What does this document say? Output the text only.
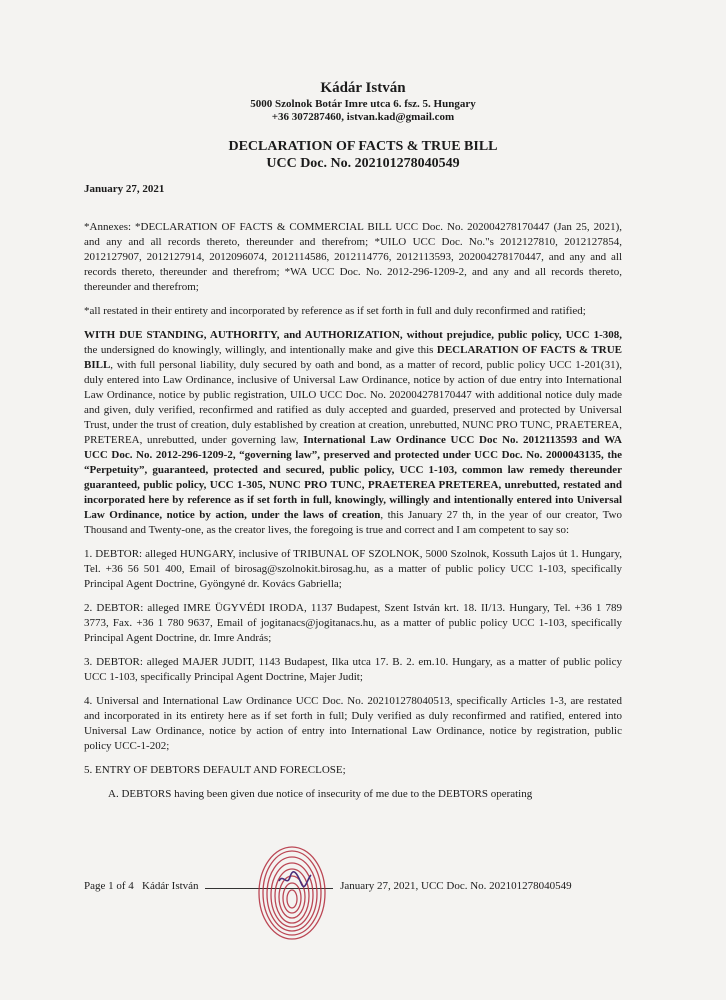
Kádár István
5000 Szolnok Botár Imre utca 6. fsz. 5. Hungary
+36 307287460, istvan.kad@gmail.com
DECLARATION OF FACTS & TRUE BILL
UCC Doc. No. 202101278040549
January 27, 2021

*Annexes: *DECLARATION OF FACTS & COMMERCIAL BILL UCC Doc. No. 202004278170447 (Jan 25, 2021), and any and all records thereto, thereunder and therefrom; *UILO UCC Doc. No."s 2012127810, 2012127854, 2012127907, 2012127914, 2012096074, 2012114586, 2012114776, 2012113593, 202004278170447, and any and all records thereto, thereunder and therefrom; *WA UCC Doc. No. 2012-296-1209-2, and any and all records thereto, thereunder and therefrom;

*all restated in their entirety and incorporated by reference as if set forth in full and duly reconfirmed and ratified;

WITH DUE STANDING, AUTHORITY, and AUTHORIZATION, without prejudice, public policy, UCC 1-308, the undersigned do knowingly, willingly, and intentionally make and give this DECLARATION OF FACTS & TRUE BILL, with full personal liability, duly secured by oath and bond, as a matter of record, public policy UCC 1-201(31), duly entered into Law Ordinance, inclusive of Universal Law Ordinance, notice by action of due entry into International Law Ordinance, notice by public registration, UILO UCC Doc. No. 202004278170447 with additional notice duly made and given, duly verified, reconfirmed and ratified as duly accepted and guarded, preserved and protected by Universal Trust, under the trust of creation, duly established by creation at creation, unrebutted, NUNC PRO TUNC, PRAETEREA, PRETEREA, unrebutted, under governing law, International Law Ordinance UCC Doc No. 2012113593 and WA UCC Doc. No. 2012-296-1209-2, “governing law”, preserved and protected under UCC Doc. No. 2000043135, the “Perpetuity”, guaranteed, protected and secured, public policy, UCC 1-103, common law remedy thereunder guaranteed, public policy, UCC 1-305, NUNC PRO TUNC, PRAETEREA PRETEREA, unrebutted, restated and incorporated here by reference as if set forth in full, knowingly, willingly and intentionally entered into Universal Law Ordinance, notice by action, under the laws of creation, this January 27 th, in the year of our creator, Two Thousand and Twenty-one, as the creator lives, the foregoing is true and correct and I am competent to say so:

1. DEBTOR: alleged HUNGARY, inclusive of TRIBUNAL OF SZOLNOK, 5000 Szolnok, Kossuth Lajos út 1. Hungary, Tel. +36 56 501 400, Email of birosag@szolnokit.birosag.hu, as a matter of public policy UCC 1-103, specifically Principal Agent Doctrine, Gyöngyné dr. Kovács Gabriella;

2. DEBTOR: alleged IMRE ÜGYVÉDI IRODA, 1137 Budapest, Szent István krt. 18. II/13. Hungary, Tel. +36 1 789 3773, Fax. +36 1 780 9637, Email of jogitanacs@jogitanacs.hu, as a matter of public policy UCC 1-103, specifically Principal Agent Doctrine, dr. Imre András;

3. DEBTOR: alleged MAJER JUDIT, 1143 Budapest, Ilka utca 17. B. 2. em.10. Hungary, as a matter of public policy UCC 1-103, specifically Principal Agent Doctrine, Majer Judit;

4. Universal and International Law Ordinance UCC Doc. No. 202101278040513, specifically Articles 1-3, are restated and incorporated in its entirety here as if set forth in full; Duly verified as duly reconfirmed and ratified, entered into Universal Law Ordinance, notice by action of entry into International Law Ordinance, notice by registration, public policy UCC-1-202;

5. ENTRY OF DEBTORS DEFAULT AND FORECLOSE;

A. DEBTORS having been given due notice of insecurity of me due to the DEBTORS operating

Page 1 of 4 Kádár István	January 27, 2021, UCC Doc. No. 202101278040549
